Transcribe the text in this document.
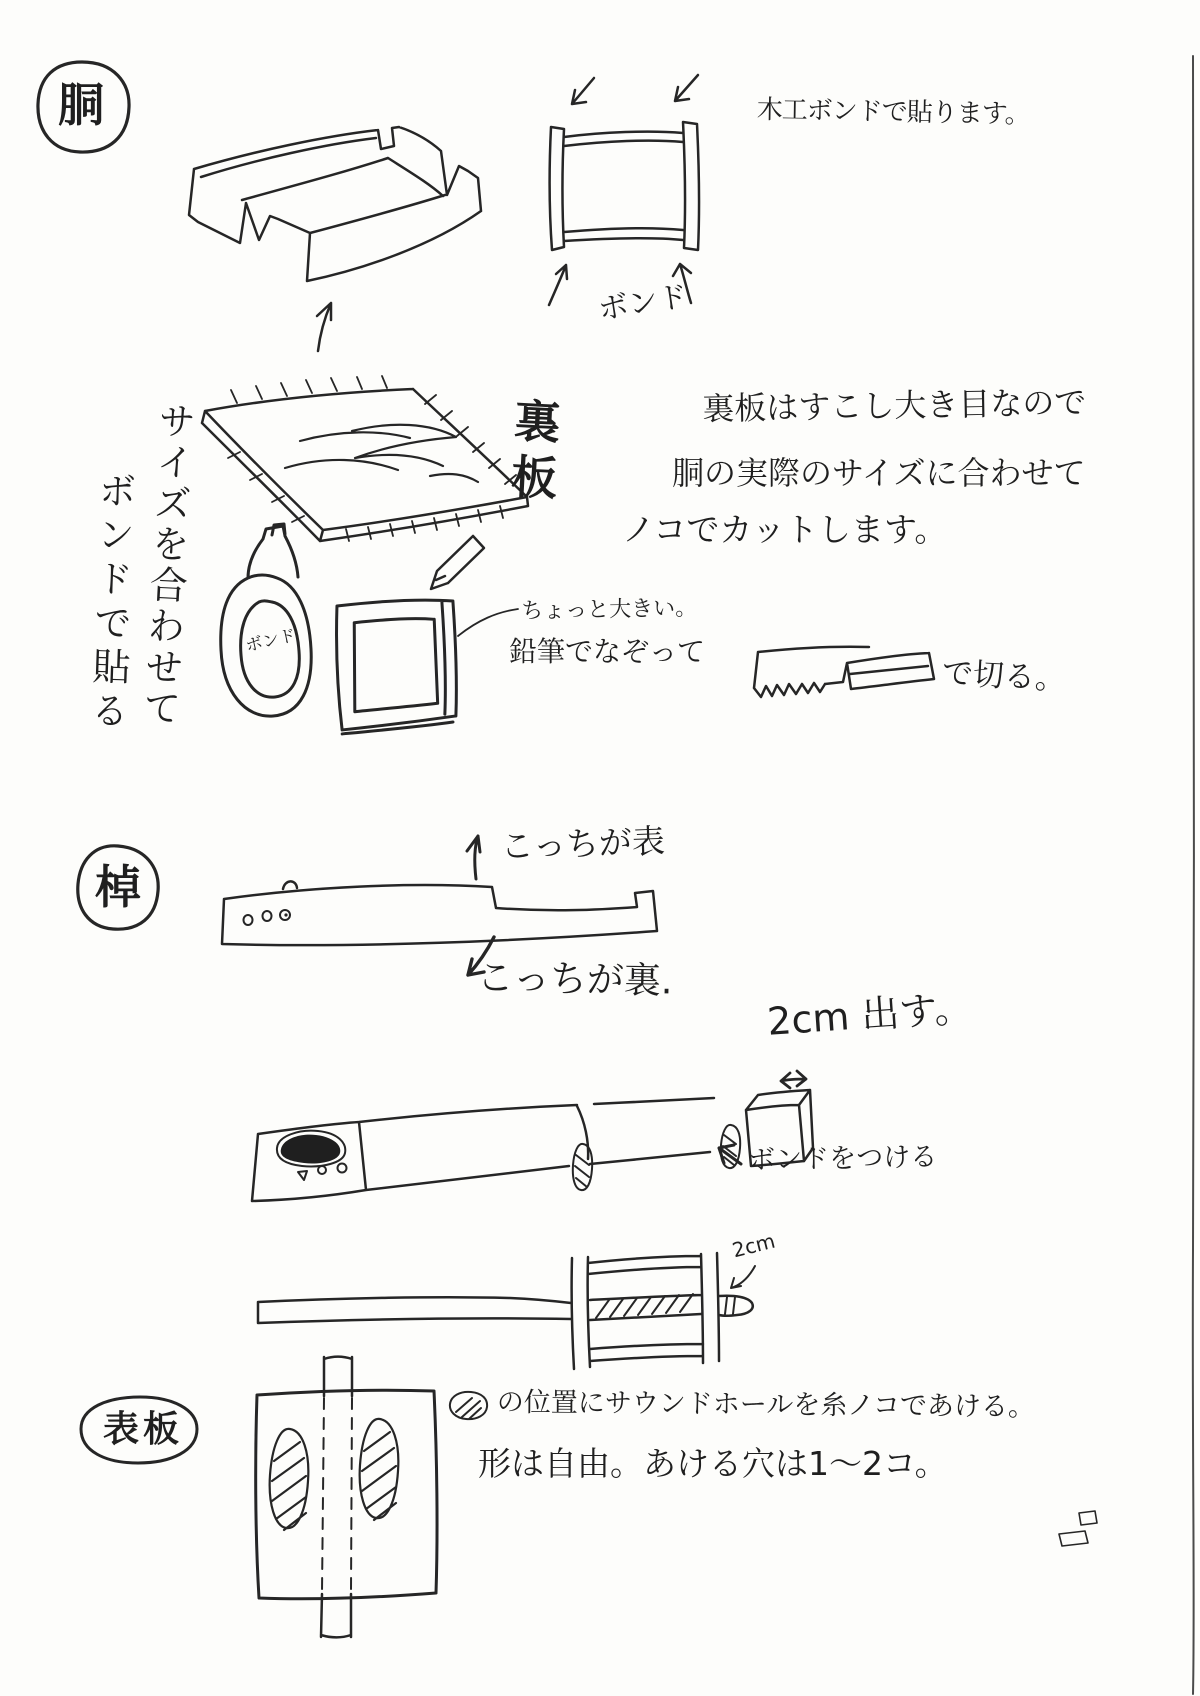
胴	木工ボンドで貼ります。
ボンド
裏板
サイズを合わせて
ボンドで貼る	ボンド
裏板はすこし大き目なので
胴の実際のサイズに合わせて
ノコでカットします。
ちょっと大きい。
鉛筆でなぞって
で切る。
棹
こっちが表
こっちが裏.
2cm 出す。
ボンドをつける
2cm
表板
の位置にサウンドホールを糸ノコであける。
形は自由。あける穴は1〜2コ。
